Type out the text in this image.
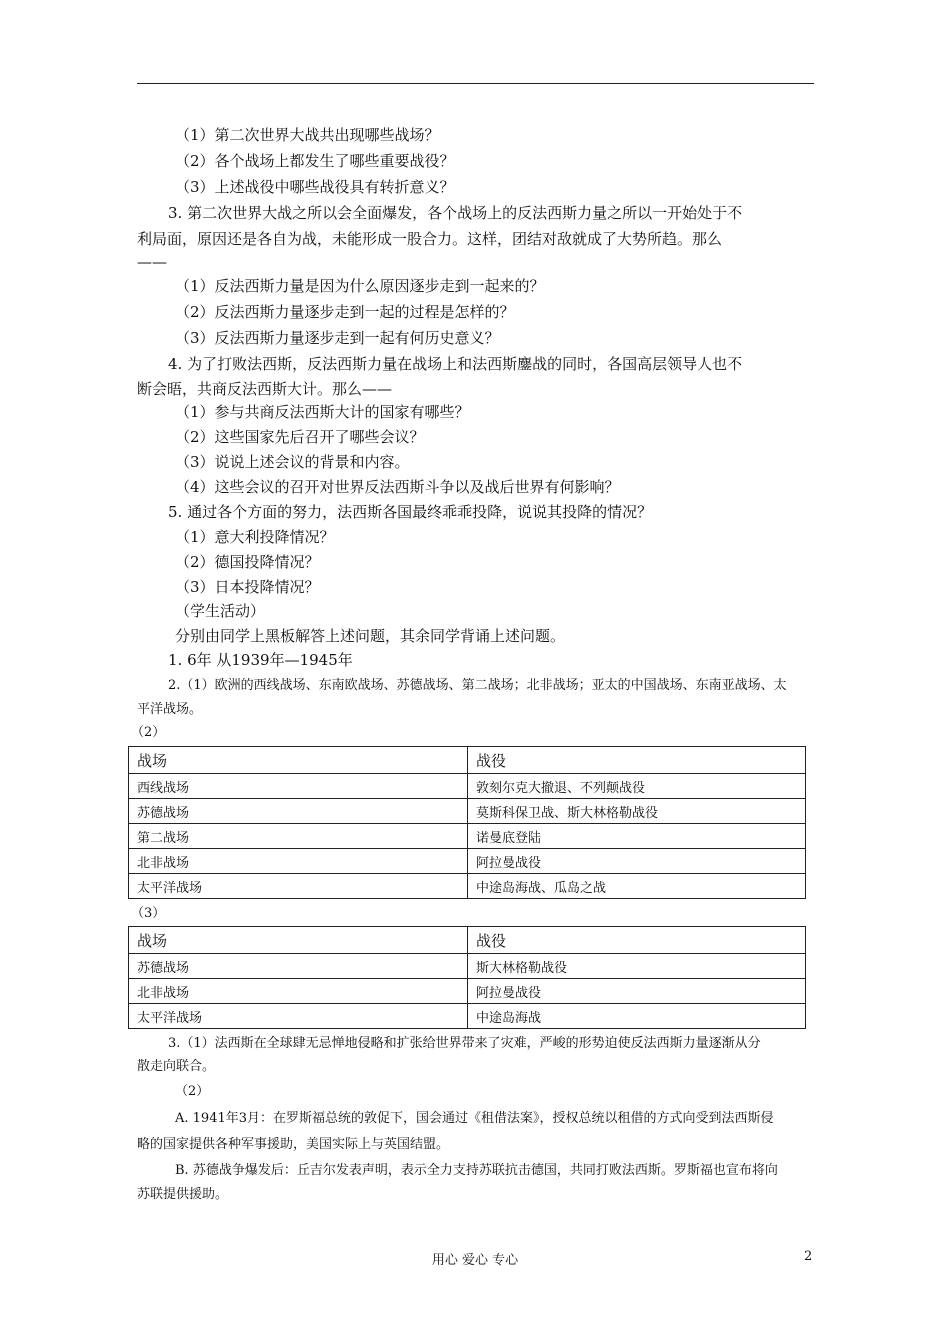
（1）第二次世界大战共出现哪些战场？
（2）各个战场上都发生了哪些重要战役？
（3）上述战役中哪些战役具有转折意义？
3. 第二次世界大战之所以会全面爆发，各个战场上的反法西斯力量之所以一开始处于不
利局面，原因还是各自为战，未能形成一股合力。这样，团结对敌就成了大势所趋。那么
——
（1）反法西斯力量是因为什么原因逐步走到一起来的？
（2）反法西斯力量逐步走到一起的过程是怎样的？
（3）反法西斯力量逐步走到一起有何历史意义？
4. 为了打败法西斯，反法西斯力量在战场上和法西斯鏖战的同时，各国高层领导人也不
断会晤，共商反法西斯大计。那么——
（1）参与共商反法西斯大计的国家有哪些？
（2）这些国家先后召开了哪些会议？
（3）说说上述会议的背景和内容。
（4）这些会议的召开对世界反法西斯斗争以及战后世界有何影响？
5. 通过各个方面的努力，法西斯各国最终乖乖投降，说说其投降的情况？
（1）意大利投降情况？
（2）德国投降情况？
（3）日本投降情况？
（学生活动）
分别由同学上黑板解答上述问题，其余同学背诵上述问题。
1. 6年 从1939年—1945年
2.（1）欧洲的西线战场、东南欧战场、苏德战场、第二战场；北非战场；亚太的中国战场、东南亚战场、太
平洋战场。
（2）
战场	战役
西线战场	敦刻尔克大撤退、不列颠战役
苏德战场	莫斯科保卫战、斯大林格勒战役
第二战场	诺曼底登陆
北非战场	阿拉曼战役
太平洋战场	中途岛海战、瓜岛之战
（3）
战场	战役
苏德战场	斯大林格勒战役
北非战场	阿拉曼战役
太平洋战场	中途岛海战
3.（1）法西斯在全球肆无忌惮地侵略和扩张给世界带来了灾难，严峻的形势迫使反法西斯力量逐渐从分
散走向联合。
（2）
A. 1941年3月：在罗斯福总统的敦促下，国会通过《租借法案》，授权总统以租借的方式向受到法西斯侵
略的国家提供各种军事援助，美国实际上与英国结盟。
B. 苏德战争爆发后：丘吉尔发表声明，表示全力支持苏联抗击德国，共同打败法西斯。罗斯福也宣布将向
苏联提供援助。
用心 爱心 专心	2
